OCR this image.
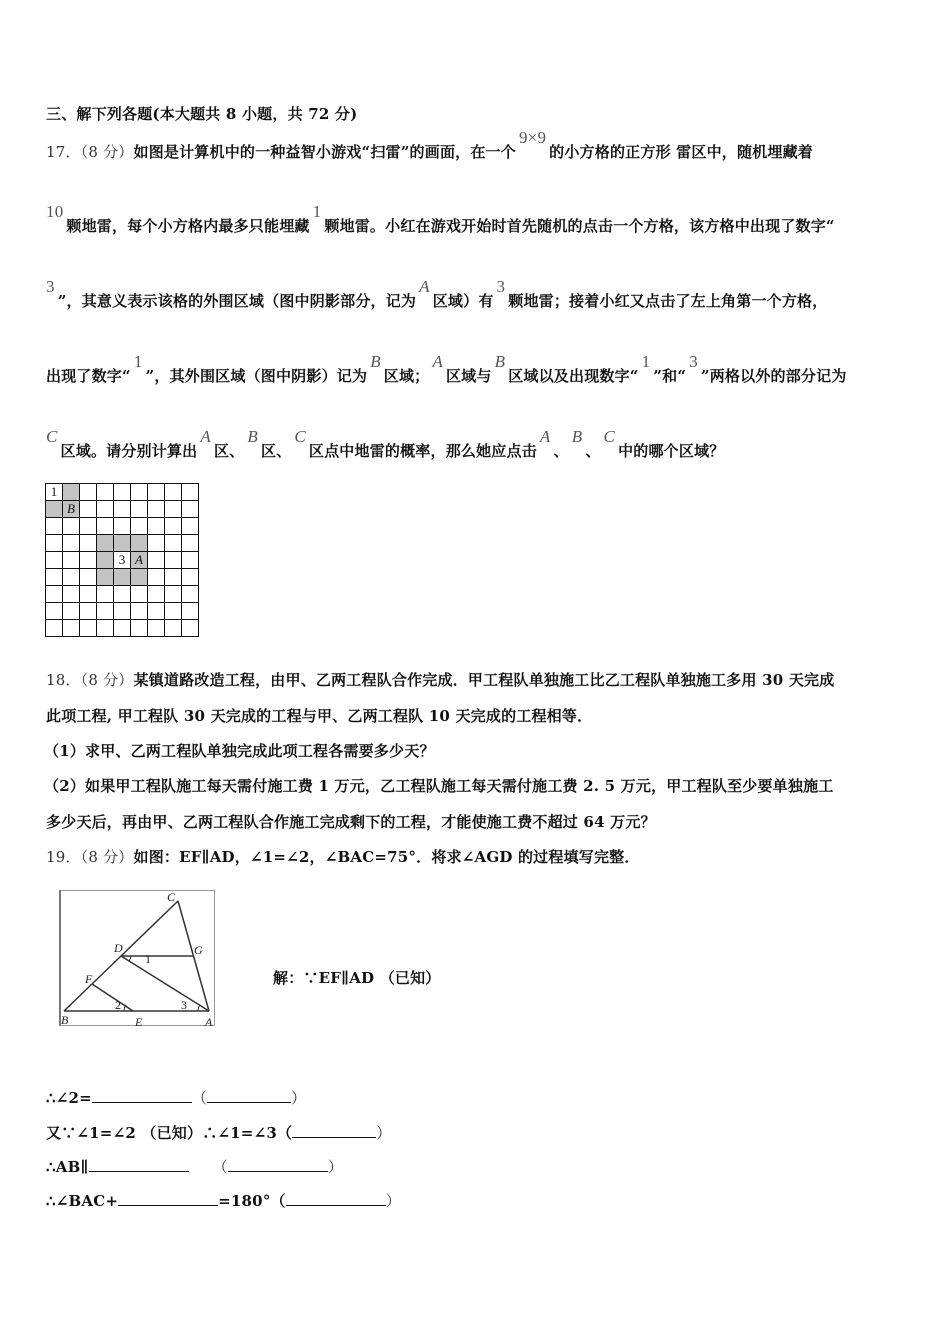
三、解下列各题(本大题共 8 小题，共 72 分)
17．（8 分）如图是计算机中的一种益智小游戏“扫雷”的画面，在一个9×9的小方格的正方形 雷区中，随机埋藏着
10颗地雷，每个小方格内最多只能埋藏1颗地雷。小红在游戏开始时首先随机的点击一个方格，该方格中出现了数字“
3”，其意义表示该格的外围区域（图中阴影部分，记为A区域）有3颗地雷；接着小红又点击了左上角第一个方格，
出现了数字“1”，其外围区域（图中阴影）记为B区域；A区域与B区域以及出现数字“1”和“3”两格以外的部分记为
C区域。请分别计算出A区、B区、C区点中地雷的概率，那么她应点击A、B、C中的哪个区域？
1								
	B							

				3	A			

18．（8 分）某镇道路改造工程，由甲、乙两工程队合作完成．甲工程队单独施工比乙工程队单独施工多用 30 天完成
此项工程, 甲工程队 30 天完成的工程与甲、乙两工程队 10 天完成的工程相等．
（1）求甲、乙两工程队单独完成此项工程各需要多少天？
（2）如果甲工程队施工每天需付施工费 1 万元，乙工程队施工每天需付施工费 2. 5 万元，甲工程队至少要单独施工
多少天后，再由甲、乙两工程队合作施工完成剩下的工程，才能使施工费不超过 64 万元？
19．（8 分）如图：EF∥AD，∠1=∠2，∠BAC=75°．将求∠AGD 的过程填写完整．
C
D	G
F
B	E	A
1
2	3
解：∵EF∥AD （已知）
∴∠2=	（	）
又∵∠1=∠2 （已知）∴∠1=∠3（	）
∴AB∥	（	）
∴∠BAC+	=180°（	）
